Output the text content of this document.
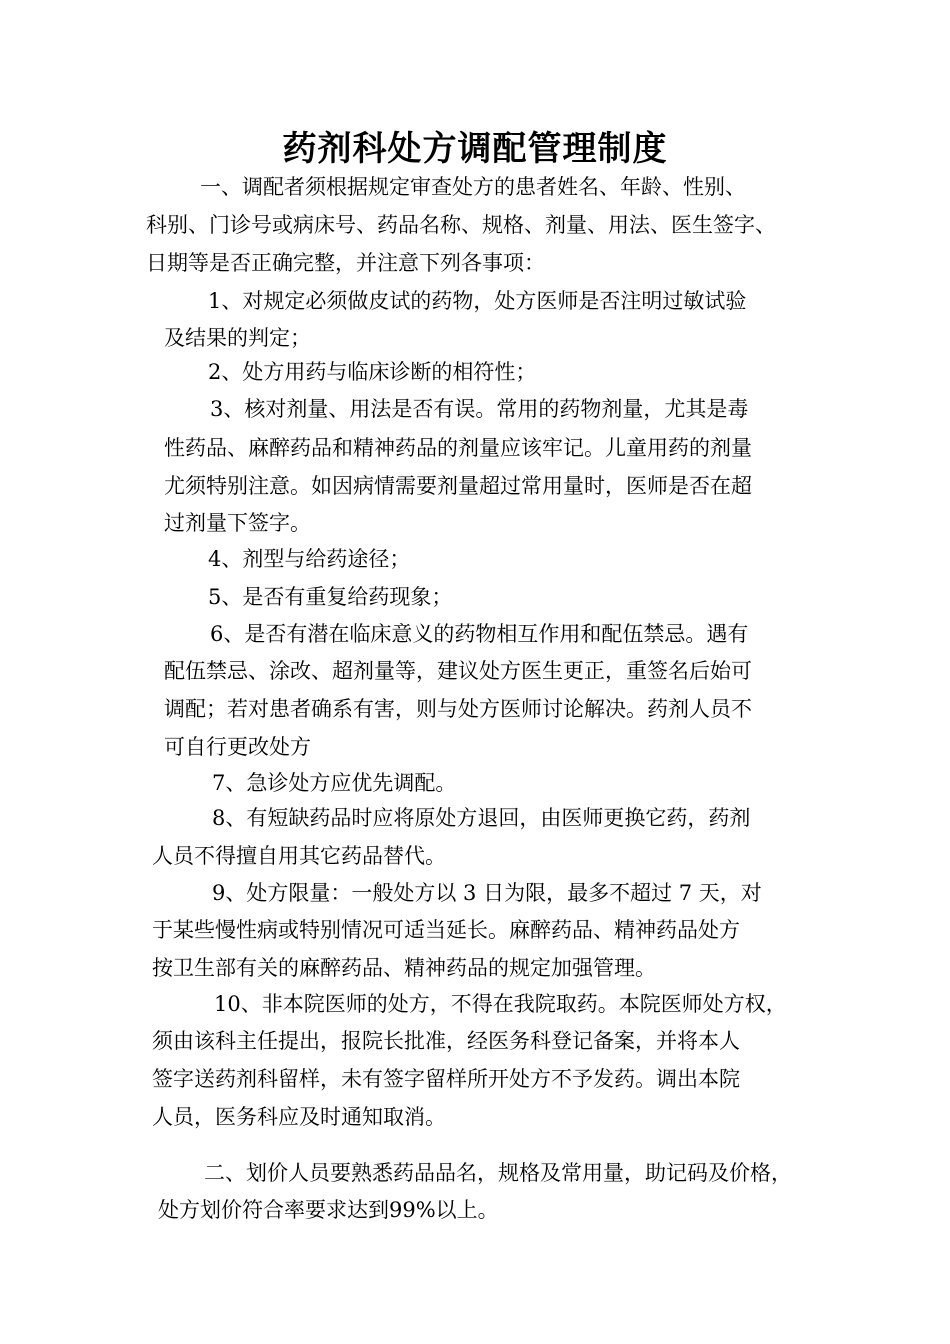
药剂科处方调配管理制度
一、调配者须根据规定审查处方的患者姓名、年龄、性别、
科别、门诊号或病床号、药品名称、规格、剂量、用法、医生签字、
日期等是否正确完整，并注意下列各事项：
1、对规定必须做皮试的药物，处方医师是否注明过敏试验
及结果的判定；
2、处方用药与临床诊断的相符性；
3、核对剂量、用法是否有误。常用的药物剂量，尤其是毒
性药品、麻醉药品和精神药品的剂量应该牢记。儿童用药的剂量
尤须特别注意。如因病情需要剂量超过常用量时，医师是否在超
过剂量下签字。
4、剂型与给药途径；
5、是否有重复给药现象；
6、是否有潜在临床意义的药物相互作用和配伍禁忌。遇有
配伍禁忌、涂改、超剂量等，建议处方医生更正，重签名后始可
调配；若对患者确系有害，则与处方医师讨论解决。药剂人员不
可自行更改处方
7、急诊处方应优先调配。
8、有短缺药品时应将原处方退回，由医师更换它药，药剂
人员不得擅自用其它药品替代。
9、处方限量：一般处方以 3 日为限，最多不超过 7 天，对
于某些慢性病或特别情况可适当延长。麻醉药品、精神药品处方
按卫生部有关的麻醉药品、精神药品的规定加强管理。
10、非本院医师的处方，不得在我院取药。本院医师处方权，
须由该科主任提出，报院长批准，经医务科登记备案，并将本人
签字送药剂科留样，未有签字留样所开处方不予发药。调出本院
人员，医务科应及时通知取消。
二、划价人员要熟悉药品品名，规格及常用量，助记码及价格，
处方划价符合率要求达到99%以上。
